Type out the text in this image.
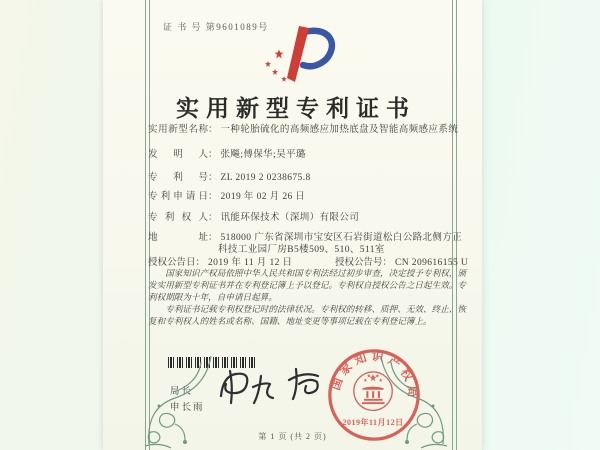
证 书 号 第9601089号
实用新型专利证书
实用新型名称： 一种轮胎硫化的高频感应加热底盘及智能高频感应系统
发明人： 张飚;傅保华;吴平璐
专利号： ZL 2019 2 0238675.8
专利申请日： 2019 年 02 月 26 日
专利权人： 讯能环保技术（深圳）有限公司
地址： 518000 广东省深圳市宝安区石岩街道松白公路北侧方正
科技工业园厂房B5楼509、510、511室
授权公告日： 2019 年 11 月 12 日	授权公告号： CN 209616155 U

国家知识产权局依照中华人民共和国专利法经过初步审查，决定授予专利权，颁发实用新型专利证书并在专利登记簿上予以登记。专利权自授权公告之日起生效。专利权期限为十年，自申请日起算。

专利证书记载专利权登记时的法律状况。专利权的转移、质押、无效、终止、恢复和专利权人的姓名或名称、国籍、地址变更等事项记载在专利登记簿上。

局长
申长雨
国家知识产权局
2019年11月12日
第 1 页 (共 2 页)
